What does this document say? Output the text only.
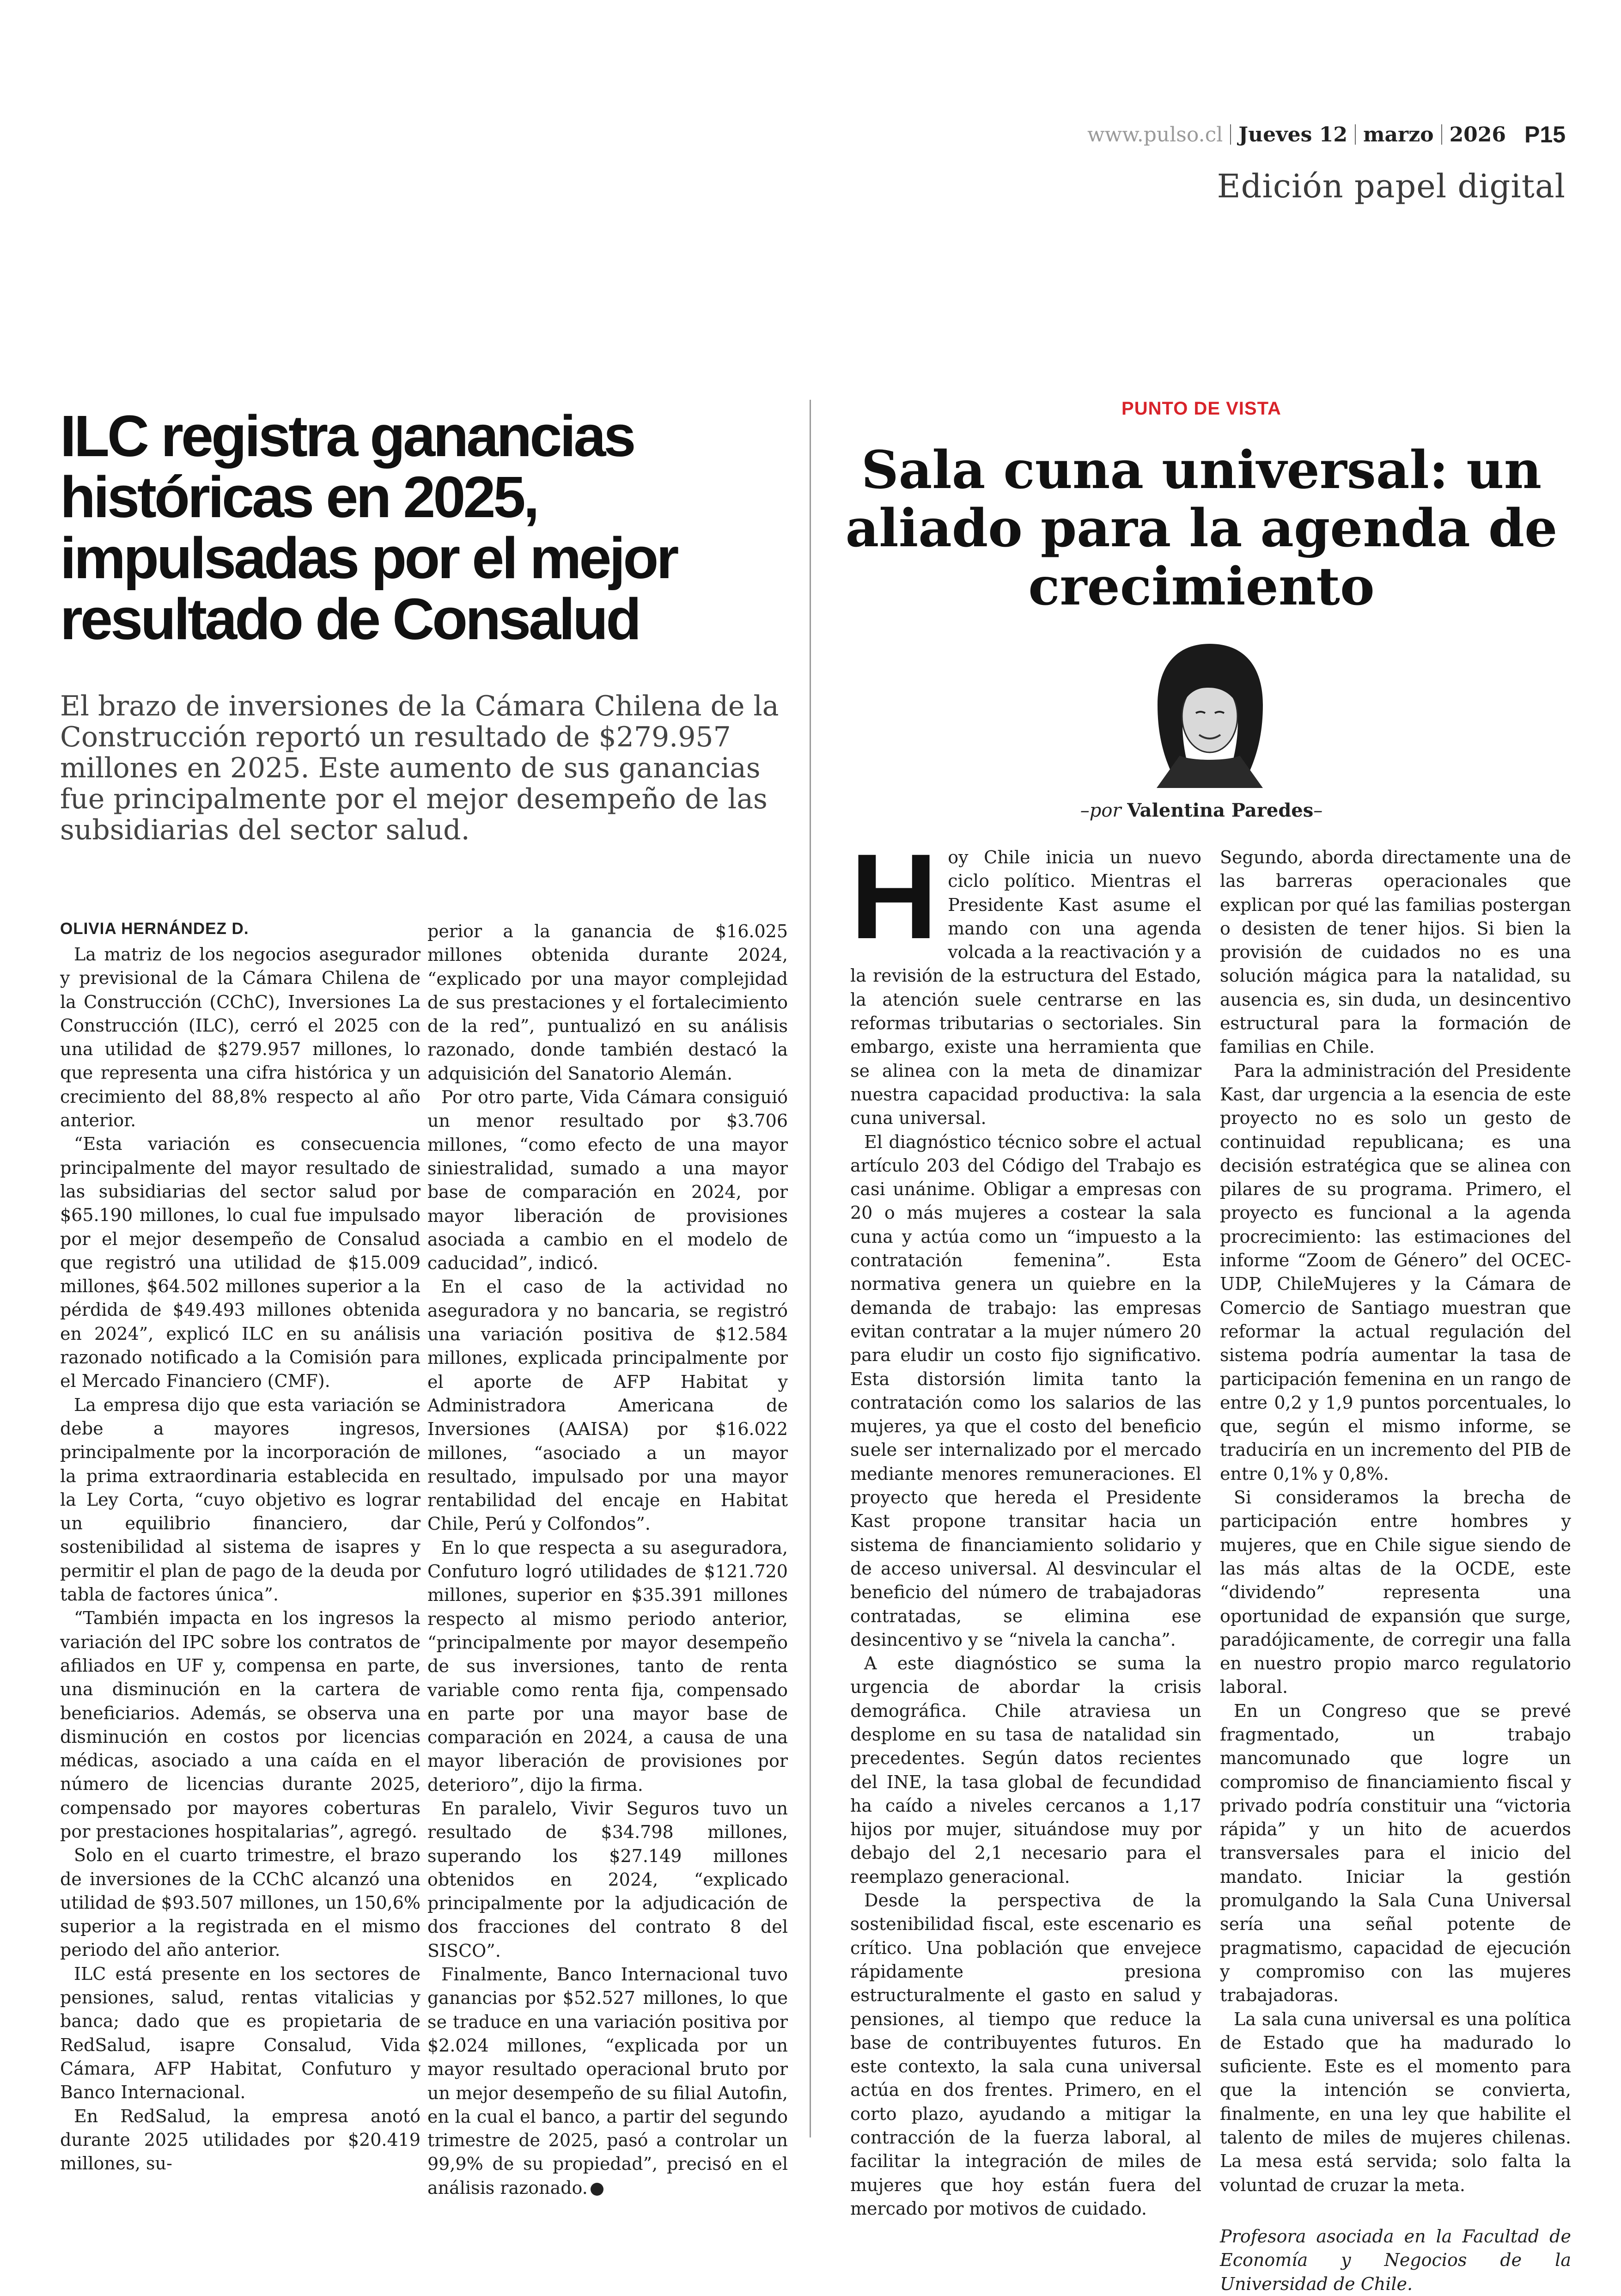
www.pulso.cl Jueves 12 marzo 2026 P15
Edición papel digital
ILC registra ganancias históricas en 2025, impulsadas por el mejor resultado de Consalud

El brazo de inversiones de la Cámara Chilena de la Construcción reportó un resultado de $279.957 millones en 2025. Este aumento de sus ganancias fue principalmente por el mejor desempeño de las subsidiarias del sector salud.

OLIVIA HERNÁNDEZ D.

La matriz de los negocios asegurador y previsional de la Cámara Chilena de la Construcción (CChC), Inversiones La Construcción (ILC), cerró el 2025 con una utilidad de $279.957 millones, lo que representa una cifra histórica y un crecimiento del 88,8% respecto al año anterior.

“Esta variación es consecuencia principalmente del mayor resultado de las subsidiarias del sector salud por $65.190 millones, lo cual fue impulsado por el mejor desempeño de Consalud que registró una utilidad de $15.009 millones, $64.502 millones superior a la pérdida de $49.493 millones obtenida en 2024”, explicó ILC en su análisis razonado notificado a la Comisión para el Mercado Financiero (CMF).

La empresa dijo que esta variación se debe a mayores ingresos, principalmente por la incorporación de la prima extraordinaria establecida en la Ley Corta, “cuyo objetivo es lograr un equilibrio financiero, dar sostenibilidad al sistema de isapres y permitir el plan de pago de la deuda por tabla de factores única”.

“También impacta en los ingresos la variación del IPC sobre los contratos de afiliados en UF y, compensa en parte, una disminución en la cartera de beneficiarios. Además, se observa una disminución en costos por licencias médicas, asociado a una caída en el número de licencias durante 2025, compensado por mayores coberturas por prestaciones hospitalarias”, agregó.

Solo en el cuarto trimestre, el brazo de inversiones de la CChC alcanzó una utilidad de $93.507 millones, un 150,6% superior a la registrada en el mismo periodo del año anterior.

ILC está presente en los sectores de pensiones, salud, rentas vitalicias y banca; dado que es propietaria de RedSalud, isapre Consalud, Vida Cámara, AFP Habitat, Confuturo y Banco Internacional.

En RedSalud, la empresa anotó durante 2025 utilidades por $20.419 millones, su-

perior a la ganancia de $16.025 millones obtenida durante 2024, “explicado por una mayor complejidad de sus prestaciones y el fortalecimiento de la red”, puntualizó en su análisis razonado, donde también destacó la adquisición del Sanatorio Alemán.

Por otro parte, Vida Cámara consiguió un menor resultado por $3.706 millones, “como efecto de una mayor siniestralidad, sumado a una mayor base de comparación en 2024, por mayor liberación de provisiones asociada a cambio en el modelo de caducidad”, indicó.

En el caso de la actividad no aseguradora y no bancaria, se registró una variación positiva de $12.584 millones, explicada principalmente por el aporte de AFP Habitat y Administradora Americana de Inversiones (AAISA) por $16.022 millones, “asociado a un mayor resultado, impulsado por una mayor rentabilidad del encaje en Habitat Chile, Perú y Colfondos”.

En lo que respecta a su aseguradora, Confuturo logró utilidades de $121.720 millones, superior en $35.391 millones respecto al mismo periodo anterior, “principalmente por mayor desempeño de sus inversiones, tanto de renta variable como renta fija, compensado en parte por una mayor base de comparación en 2024, a causa de una mayor liberación de provisiones por deterioro”, dijo la firma.

En paralelo, Vivir Seguros tuvo un resultado de $34.798 millones, superando los $27.149 millones obtenidos en 2024, “explicado principalmente por la adjudicación de dos fracciones del contrato 8 del SISCO”.

Finalmente, Banco Internacional tuvo ganancias por $52.527 millones, lo que se traduce en una variación positiva por $2.024 millones, “explicada por un mayor resultado operacional bruto por un mejor desempeño de su filial Autofin, en la cual el banco, a partir del segundo trimestre de 2025, pasó a controlar un 99,9% de su propiedad”, precisó en el análisis razonado.

PUNTO DE VISTA
Sala cuna universal: un aliado para la agenda de crecimiento
–por Valentina Paredes–

Hoy Chile inicia un nuevo ciclo político. Mientras el Presidente Kast asume el mando con una agenda volcada a la reactivación y a la revisión de la estructura del Estado, la atención suele centrarse en las reformas tributarias o sectoriales. Sin embargo, existe una herramienta que se alinea con la meta de dinamizar nuestra capacidad productiva: la sala cuna universal.

El diagnóstico técnico sobre el actual artículo 203 del Código del Trabajo es casi unánime. Obligar a empresas con 20 o más mujeres a costear la sala cuna y actúa como un “impuesto a la contratación femenina”. Esta normativa genera un quiebre en la demanda de trabajo: las empresas evitan contratar a la mujer número 20 para eludir un costo fijo significativo. Esta distorsión limita tanto la contratación como los salarios de las mujeres, ya que el costo del beneficio suele ser internalizado por el mercado mediante menores remuneraciones. El proyecto que hereda el Presidente Kast propone transitar hacia un sistema de financiamiento solidario y de acceso universal. Al desvincular el beneficio del número de trabajadoras contratadas, se elimina ese desincentivo y se “nivela la cancha”.

A este diagnóstico se suma la urgencia de abordar la crisis demográfica. Chile atraviesa un desplome en su tasa de natalidad sin precedentes. Según datos recientes del INE, la tasa global de fecundidad ha caído a niveles cercanos a 1,17 hijos por mujer, situándose muy por debajo del 2,1 necesario para el reemplazo generacional.

Desde la perspectiva de la sostenibilidad fiscal, este escenario es crítico. Una población que envejece rápidamente presiona estructuralmente el gasto en salud y pensiones, al tiempo que reduce la base de contribuyentes futuros. En este contexto, la sala cuna universal actúa en dos frentes. Primero, en el corto plazo, ayudando a mitigar la contracción de la fuerza laboral, al facilitar la integración de miles de mujeres que hoy están fuera del mercado por motivos de cuidado.

Segundo, aborda directamente una de las barreras operacionales que explican por qué las familias postergan o desisten de tener hijos. Si bien la provisión de cuidados no es una solución mágica para la natalidad, su ausencia es, sin duda, un desincentivo estructural para la formación de familias en Chile.

Para la administración del Presidente Kast, dar urgencia a la esencia de este proyecto no es solo un gesto de continuidad republicana; es una decisión estratégica que se alinea con pilares de su programa. Primero, el proyecto es funcional a la agenda procrecimiento: las estimaciones del informe “Zoom de Género” del OCEC-UDP, ChileMujeres y la Cámara de Comercio de Santiago muestran que reformar la actual regulación del sistema podría aumentar la tasa de participación femenina en un rango de entre 0,2 y 1,9 puntos porcentuales, lo que, según el mismo informe, se traduciría en un incremento del PIB de entre 0,1% y 0,8%.

Si consideramos la brecha de participación entre hombres y mujeres, que en Chile sigue siendo de las más altas de la OCDE, este “dividendo” representa una oportunidad de expansión que surge, paradójicamente, de corregir una falla en nuestro propio marco regulatorio laboral.

En un Congreso que se prevé fragmentado, un trabajo mancomunado que logre un compromiso de financiamiento fiscal y privado podría constituir una “victoria rápida” y un hito de acuerdos transversales para el inicio del mandato. Iniciar la gestión promulgando la Sala Cuna Universal sería una señal potente de pragmatismo, capacidad de ejecución y compromiso con las mujeres trabajadoras.

La sala cuna universal es una política de Estado que ha madurado lo suficiente. Este es el momento para que la intención se convierta, finalmente, en una ley que habilite el talento de miles de mujeres chilenas. La mesa está servida; solo falta la voluntad de cruzar la meta.

Profesora asociada en la Facultad de Economía y Negocios de la Universidad de Chile.
